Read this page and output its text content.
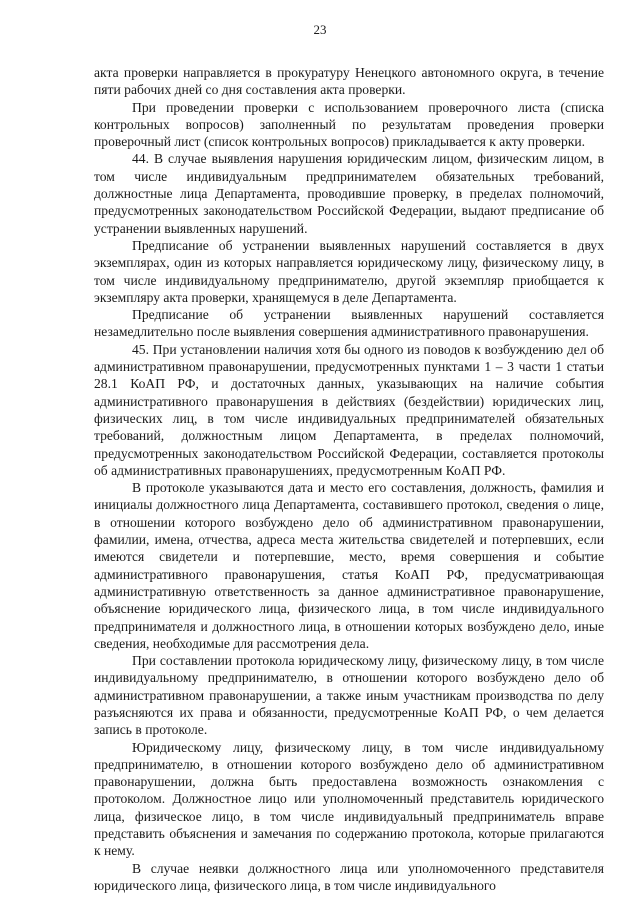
23

акта проверки направляется в прокуратуру Ненецкого автономного округа, в течение пяти рабочих дней со дня составления акта проверки.

При проведении проверки с использованием проверочного листа (списка контрольных вопросов) заполненный по результатам проведения проверки проверочный лист (список контрольных вопросов) прикладывается к акту проверки.

44. В случае выявления нарушения юридическим лицом, физическим лицом, в том числе индивидуальным предпринимателем обязательных требований, должностные лица Департамента, проводившие проверку, в пределах полномочий, предусмотренных законодательством Российской Федерации, выдают предписание об устранении выявленных нарушений.

Предписание об устранении выявленных нарушений составляется в двух экземплярах, один из которых направляется юридическому лицу, физическому лицу, в том числе индивидуальному предпринимателю, другой экземпляр приобщается к экземпляру акта проверки, хранящемуся в деле Департамента.

Предписание об устранении выявленных нарушений составляется незамедлительно после выявления совершения административного правонарушения.

45. При установлении наличия хотя бы одного из поводов к возбуждению дел об административном правонарушении, предусмотренных пунктами 1 – 3 части 1 статьи 28.1 КоАП РФ, и достаточных данных, указывающих на наличие события административного правонарушения в действиях (бездействии) юридических лиц, физических лиц, в том числе индивидуальных предпринимателей обязательных требований, должностным лицом Департамента, в пределах полномочий, предусмотренных законодательством Российской Федерации, составляется протоколы об административных правонарушениях, предусмотренным КоАП РФ.

В протоколе указываются дата и место его составления, должность, фамилия и инициалы должностного лица Департамента, составившего протокол, сведения о лице, в отношении которого возбуждено дело об административном правонарушении, фамилии, имена, отчества, адреса места жительства свидетелей и потерпевших, если имеются свидетели и потерпевшие, место, время совершения и событие административного правонарушения, статья КоАП РФ, предусматривающая административную ответственность за данное административное правонарушение, объяснение юридического лица, физического лица, в том числе индивидуального предпринимателя и должностного лица, в отношении которых возбуждено дело, иные сведения, необходимые для рассмотрения дела.

При составлении протокола юридическому лицу, физическому лицу, в том числе индивидуальному предпринимателю, в отношении которого возбуждено дело об административном правонарушении, а также иным участникам производства по делу разъясняются их права и обязанности, предусмотренные КоАП РФ, о чем делается запись в протоколе.

Юридическому лицу, физическому лицу, в том числе индивидуальному предпринимателю, в отношении которого возбуждено дело об административном правонарушении, должна быть предоставлена возможность ознакомления с протоколом. Должностное лицо или уполномоченный представитель юридического лица, физическое лицо, в том числе индивидуальный предприниматель вправе представить объяснения и замечания по содержанию протокола, которые прилагаются к нему.

В случае неявки должностного лица или уполномоченного представителя юридического лица, физического лица, в том числе индивидуального
